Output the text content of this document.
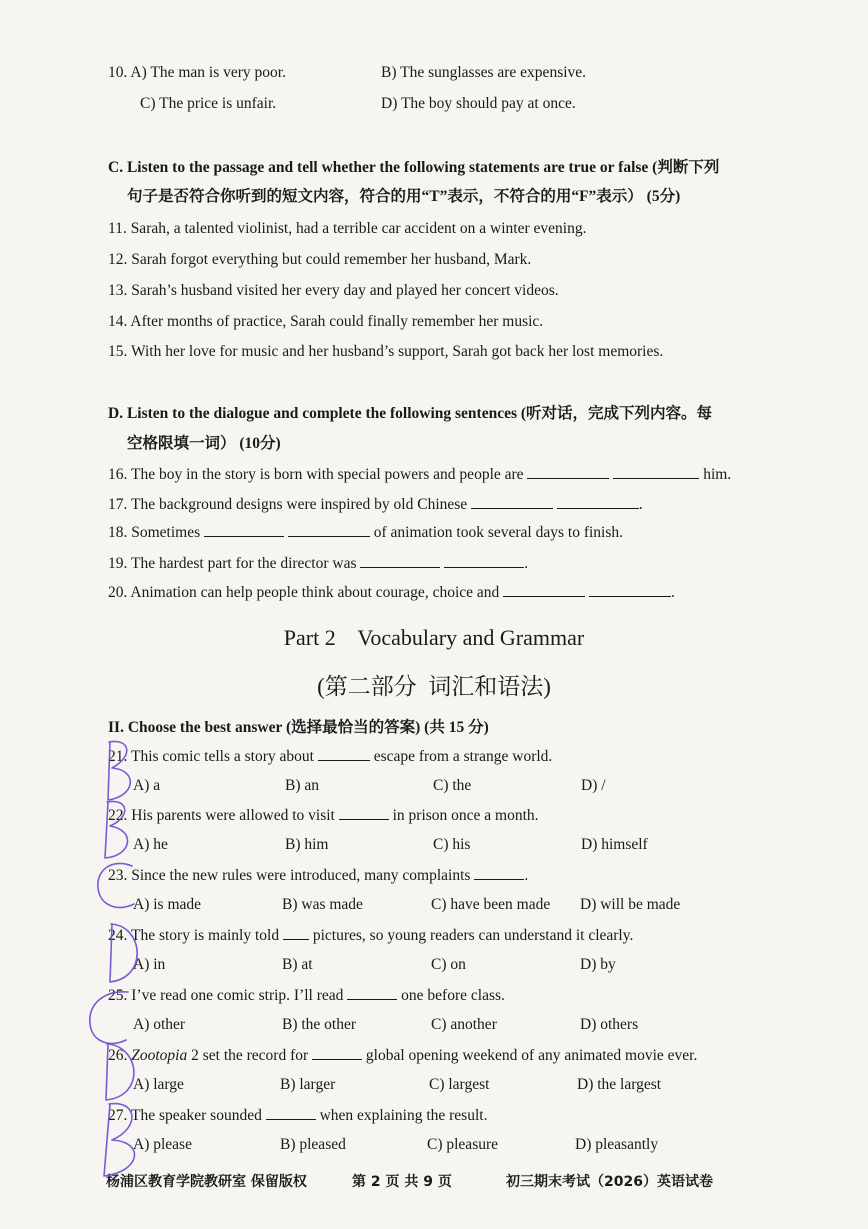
10. A) The man is very poor.	B) The sunglasses are expensive.
C) The price is unfair.	D) The boy should pay at once.
C. Listen to the passage and tell whether the following statements are true or false (判断下列
句子是否符合你听到的短文内容，符合的用“T”表示，不符合的用“F”表示） (5分)
11. Sarah, a talented violinist, had a terrible car accident on a winter evening.
12. Sarah forgot everything but could remember her husband, Mark.
13. Sarah’s husband visited her every day and played her concert videos.
14. After months of practice, Sarah could finally remember her music.
15. With her love for music and her husband’s support, Sarah got back her lost memories.
D. Listen to the dialogue and complete the following sentences (听对话，完成下列内容。每
空格限填一词） (10分)
16. The boy in the story is born with special powers and people are	him.
17. The background designs were inspired by old Chinese	.
18. Sometimes	of animation took several days to finish.
19. The hardest part for the director was	.
20. Animation can help people think about courage, choice and	.
Part 2    Vocabulary and Grammar
(第二部分  词汇和语法)
II. Choose the best answer (选择最恰当的答案) (共 15 分)
21. This comic tells a story about	escape from a strange world.
A) a	B) an	C) the	D) /
22. His parents were allowed to visit	in prison once a month.
A) he	B) him	C) his	D) himself
23. Since the new rules were introduced, many complaints	.
A) is made	B) was made	C) have been made D) will be made
24. The story is mainly told pictures, so young readers can understand it clearly.
A) in	B) at	C) on	D) by
25. I’ve read one comic strip. I’ll read	one before class.
A) other	B) the other	C) another	D) others
26. Zootopia 2 set the record for	global opening weekend of any animated movie ever.
A) large	B) larger	C) largest	D) the largest
27. The speaker sounded	when explaining the result.
A) please	B) pleased	C) pleasure	D) pleasantly
杨浦区教育学院教研室 保留版权	第 2 页 共 9 页	初三期末考试（2026）英语试卷
